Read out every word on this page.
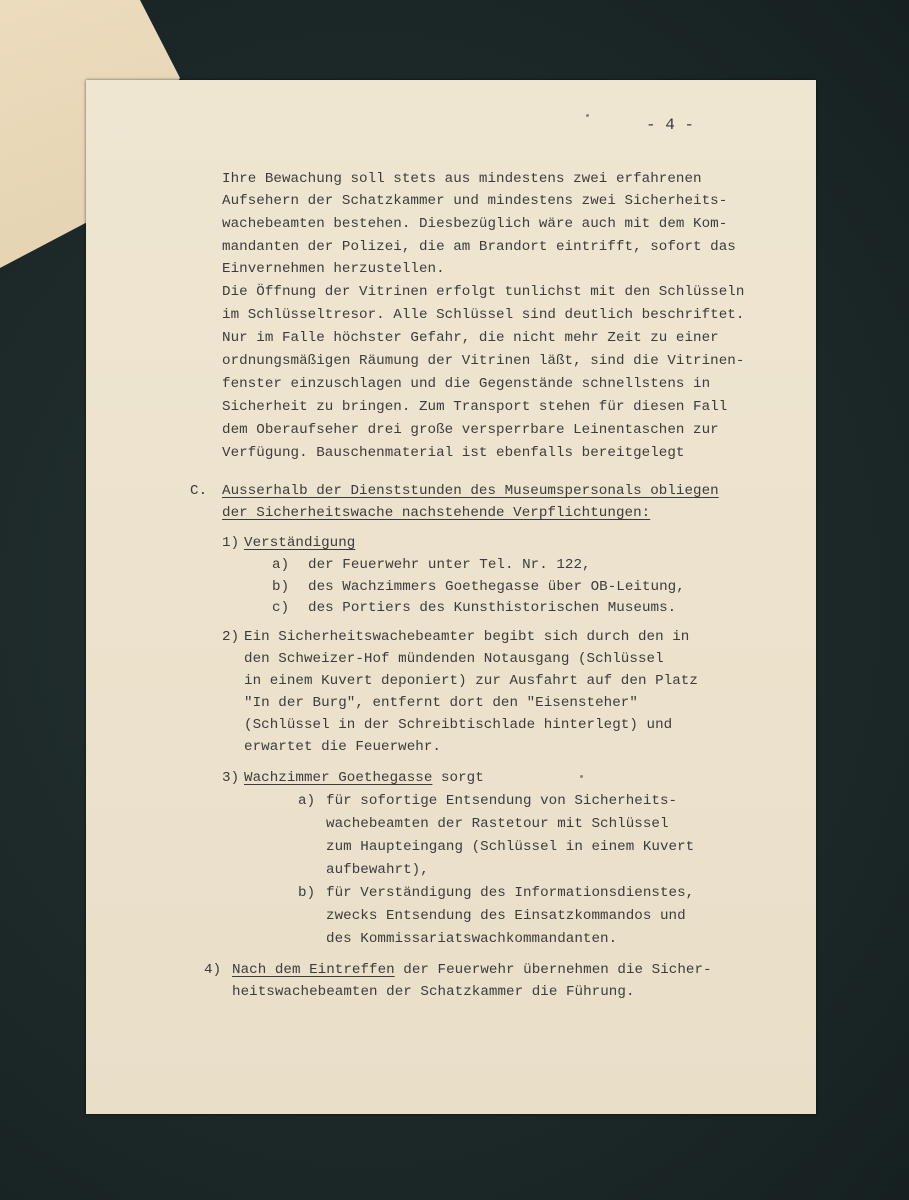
- 4 -
Ihre Bewachung soll stets aus mindestens zwei erfahrenen
Aufsehern der Schatzkammer und mindestens zwei Sicherheits-
wachebeamten bestehen. Diesbezüglich wäre auch mit dem Kom-
mandanten der Polizei, die am Brandort eintrifft, sofort das
Einvernehmen herzustellen.
Die Öffnung der Vitrinen erfolgt tunlichst mit den Schlüsseln
im Schlüsseltresor. Alle Schlüssel sind deutlich beschriftet.
Nur im Falle höchster Gefahr, die nicht mehr Zeit zu einer
ordnungsmäßigen Räumung der Vitrinen läßt, sind die Vitrinen-
fenster einzuschlagen und die Gegenstände schnellstens in
Sicherheit zu bringen. Zum Transport stehen für diesen Fall
dem Oberaufseher drei große versperrbare Leinentaschen zur
Verfügung. Bauschenmaterial ist ebenfalls bereitgelegt
C. Ausserhalb der Dienststunden des Museumspersonals obliegen
der Sicherheitswache nachstehende Verpflichtungen:
1) Verständigung
a) der Feuerwehr unter Tel. Nr. 122,
b) des Wachzimmers Goethegasse über OB-Leitung,
c) des Portiers des Kunsthistorischen Museums.
2) Ein Sicherheitswachebeamter begibt sich durch den in
den Schweizer-Hof mündenden Notausgang (Schlüssel
in einem Kuvert deponiert) zur Ausfahrt auf den Platz
"In der Burg", entfernt dort den "Eisensteher"
(Schlüssel in der Schreibtischlade hinterlegt) und
erwartet die Feuerwehr.
3) Wachzimmer Goethegasse sorgt
a) für sofortige Entsendung von Sicherheits-
wachebeamten der Rastetour mit Schlüssel
zum Haupteingang (Schlüssel in einem Kuvert
aufbewahrt),
b) für Verständigung des Informationsdienstes,
zwecks Entsendung des Einsatzkommandos und
des Kommissariatswachkommandanten.
4) Nach dem Eintreffen der Feuerwehr übernehmen die Sicher-
heitswachebeamten der Schatzkammer die Führung.
